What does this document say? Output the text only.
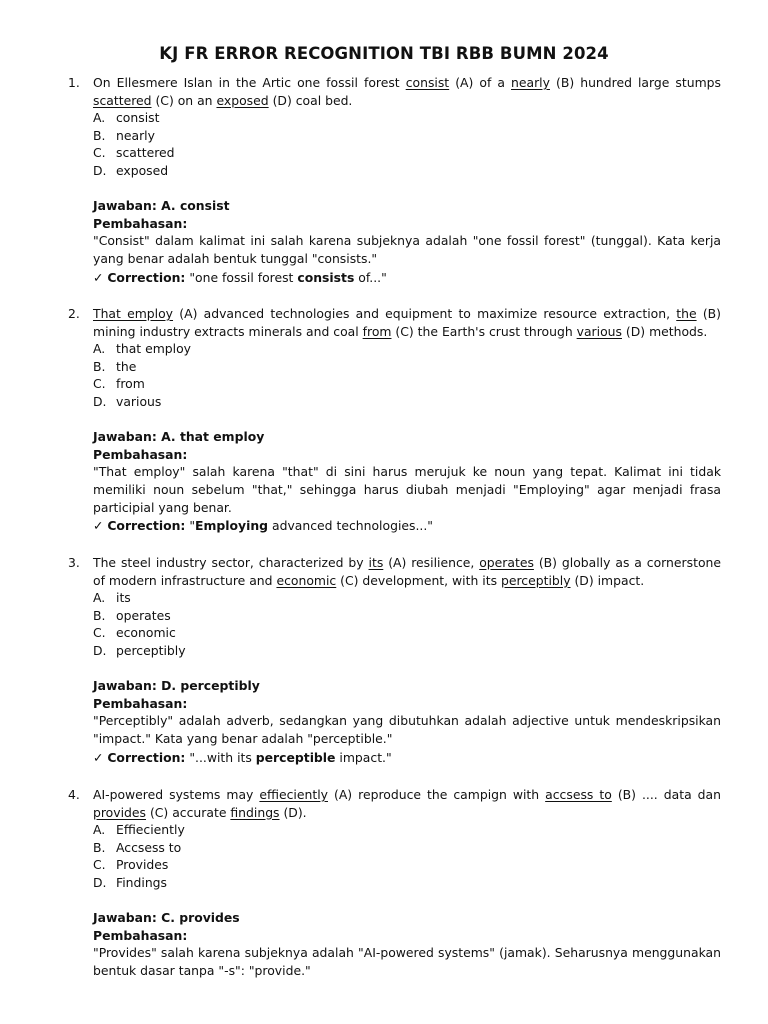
KJ FR ERROR RECOGNITION TBI RBB BUMN 2024
1.	On Ellesmere Islan in the Artic one fossil forest consist (A) of a nearly (B) hundred large stumps scattered (C) on an exposed (D) coal bed.
A. consist
B. nearly
C. scattered
D. exposed
Jawaban: A. consist
Pembahasan:
"Consist" dalam kalimat ini salah karena subjeknya adalah "one fossil forest" (tunggal). Kata kerja yang benar adalah bentuk tunggal "consists."
✓ Correction: "one fossil forest consists of..."
2.	That employ (A) advanced technologies and equipment to maximize resource extraction, the (B) mining industry extracts minerals and coal from (C) the Earth's crust through various (D) methods.
A. that employ
B. the
C. from
D. various
Jawaban: A. that employ
Pembahasan:
"That employ" salah karena "that" di sini harus merujuk ke noun yang tepat. Kalimat ini tidak memiliki noun sebelum "that," sehingga harus diubah menjadi "Employing" agar menjadi frasa participial yang benar.
✓ Correction: "Employing advanced technologies..."
3.	The steel industry sector, characterized by its (A) resilience, operates (B) globally as a cornerstone of modern infrastructure and economic (C) development, with its perceptibly (D) impact.
A. its
B. operates
C. economic
D. perceptibly
Jawaban: D. perceptibly
Pembahasan:
"Perceptibly" adalah adverb, sedangkan yang dibutuhkan adalah adjective untuk mendeskripsikan "impact." Kata yang benar adalah "perceptible."
✓ Correction: "...with its perceptible impact."
4.	AI-powered systems may effieciently (A) reproduce the campign with accsess to (B) .... data dan provides (C) accurate findings (D).
A. Effieciently
B. Accsess to
C. Provides
D. Findings
Jawaban: C. provides
Pembahasan:
"Provides" salah karena subjeknya adalah "AI-powered systems" (jamak). Seharusnya menggunakan bentuk dasar tanpa "-s": "provide."
